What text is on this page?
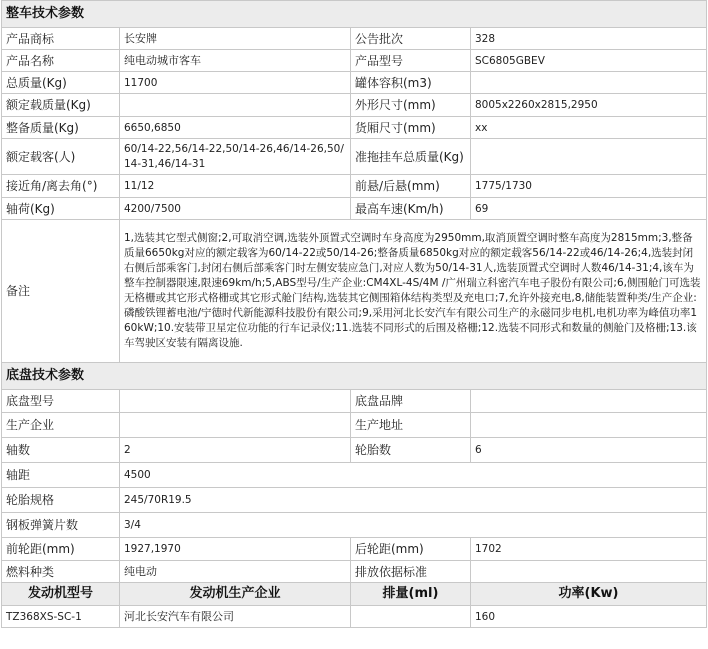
整车技术参数			
产品商标	长安牌	公告批次	328
产品名称	纯电动城市客车	产品型号	SC6805GBEV
总质量(Kg)	11700	罐体容积(m3)	
额定载质量(Kg)		外形尺寸(mm)	8005x2260x2815,2950
整备质量(Kg)	6650,6850	货厢尺寸(mm)	xx
额定载客(人)	60/14-22,56/14-22,50/14-26,46/14-26,50/14-31,46/14-31	准拖挂车总质量(Kg)	
接近角/离去角(°)	11/12	前悬/后悬(mm)	1775/1730
轴荷(Kg)	4200/7500	最高车速(Km/h)	69
备注	1,选装其它型式侧窗;2,可取消空调,选装外顶置式空调时车身高度为2950mm,取消顶置空调时整车高度为2815mm;3,整备质量6650kg对应的额定载客为60/14-22或50/14-26;整备质量6850kg对应的额定载客56/14-22或46/14-26;4,选装封闭右侧后部乘客门,封闭右侧后部乘客门时左侧安装应急门,对应人数为50/14-31人,选装顶置式空调时人数46/14-31;4,该车为整车控制器限速,限速69km/h;5,ABS型号/生产企业:CM4XL-4S/4M /广州瑞立科密汽车电子股份有限公司;6,侧围舱门可选装无格栅或其它形式格栅或其它形式舱门结构,选装其它侧围箱体结构类型及充电口;7,允许外接充电,8,储能装置种类/生产企业:磷酸铁锂蓄电池/宁德时代新能源科技股份有限公司;9,采用河北长安汽车有限公司生产的永磁同步电机,电机功率为峰值功率160kW;10.安装带卫星定位功能的行车记录仪;11.选装不同形式的后围及格栅;12.选装不同形式和数量的侧舱门及格栅;13.该车驾驶区安装有隔离设施.		
底盘技术参数			
底盘型号		底盘品牌	
生产企业		生产地址	
轴数	2	轮胎数	6
轴距	4500		
轮胎规格	245/70R19.5		
钢板弹簧片数	3/4		
前轮距(mm)	1927,1970	后轮距(mm)	1702
燃料种类	纯电动	排放依据标准	
发动机型号	发动机生产企业	排量(ml)	功率(Kw)
TZ368XS-SC-1	河北长安汽车有限公司		160
